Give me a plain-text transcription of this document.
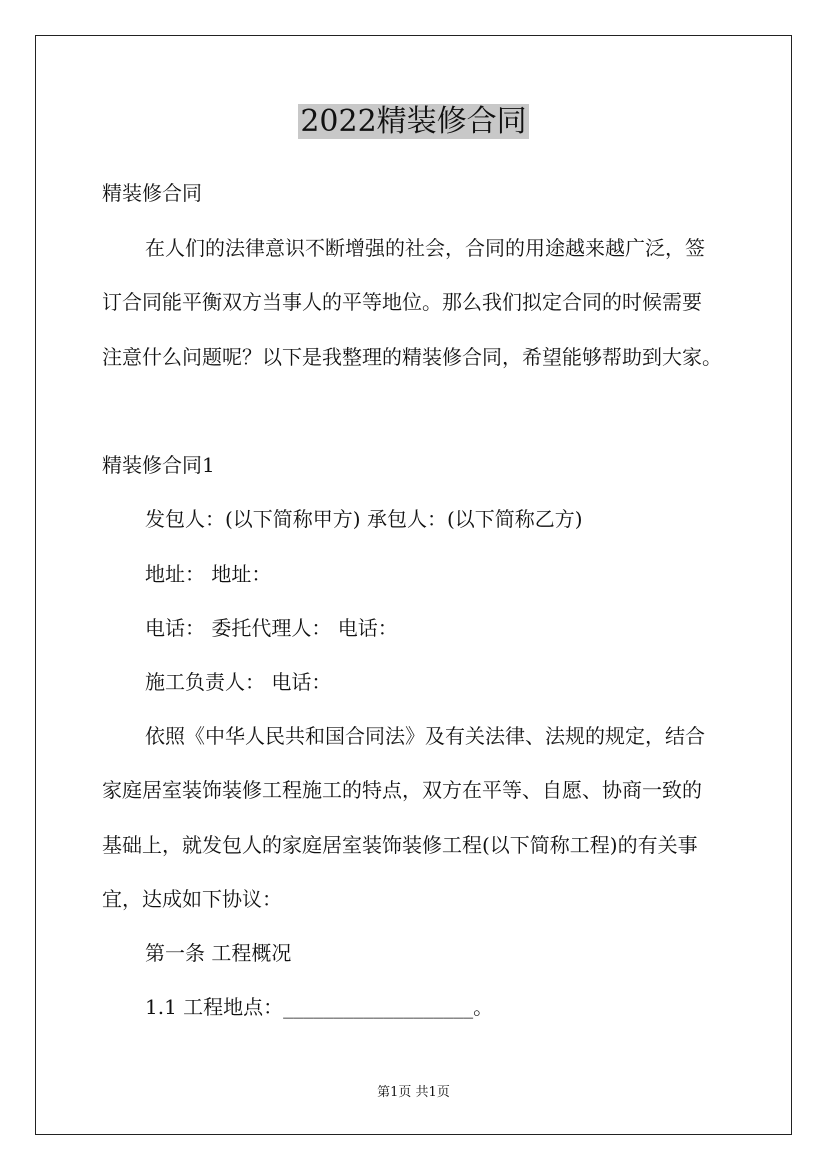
2022精装修合同
精装修合同
在人们的法律意识不断增强的社会，合同的用途越来越广泛，签
订合同能平衡双方当事人的平等地位。那么我们拟定合同的时候需要
注意什么问题呢？以下是我整理的精装修合同，希望能够帮助到大家。
精装修合同1
发包人：(以下简称甲方) 承包人：(以下简称乙方)
地址： 地址：
电话： 委托代理人： 电话：
施工负责人： 电话：
依照《中华人民共和国合同法》及有关法律、法规的规定，结合
家庭居室装饰装修工程施工的特点，双方在平等、自愿、协商一致的
基础上，就发包人的家庭居室装饰装修工程(以下简称工程)的有关事
宜，达成如下协议：
第一条 工程概况
1.1 工程地点：___________________。
第1页 共1页
